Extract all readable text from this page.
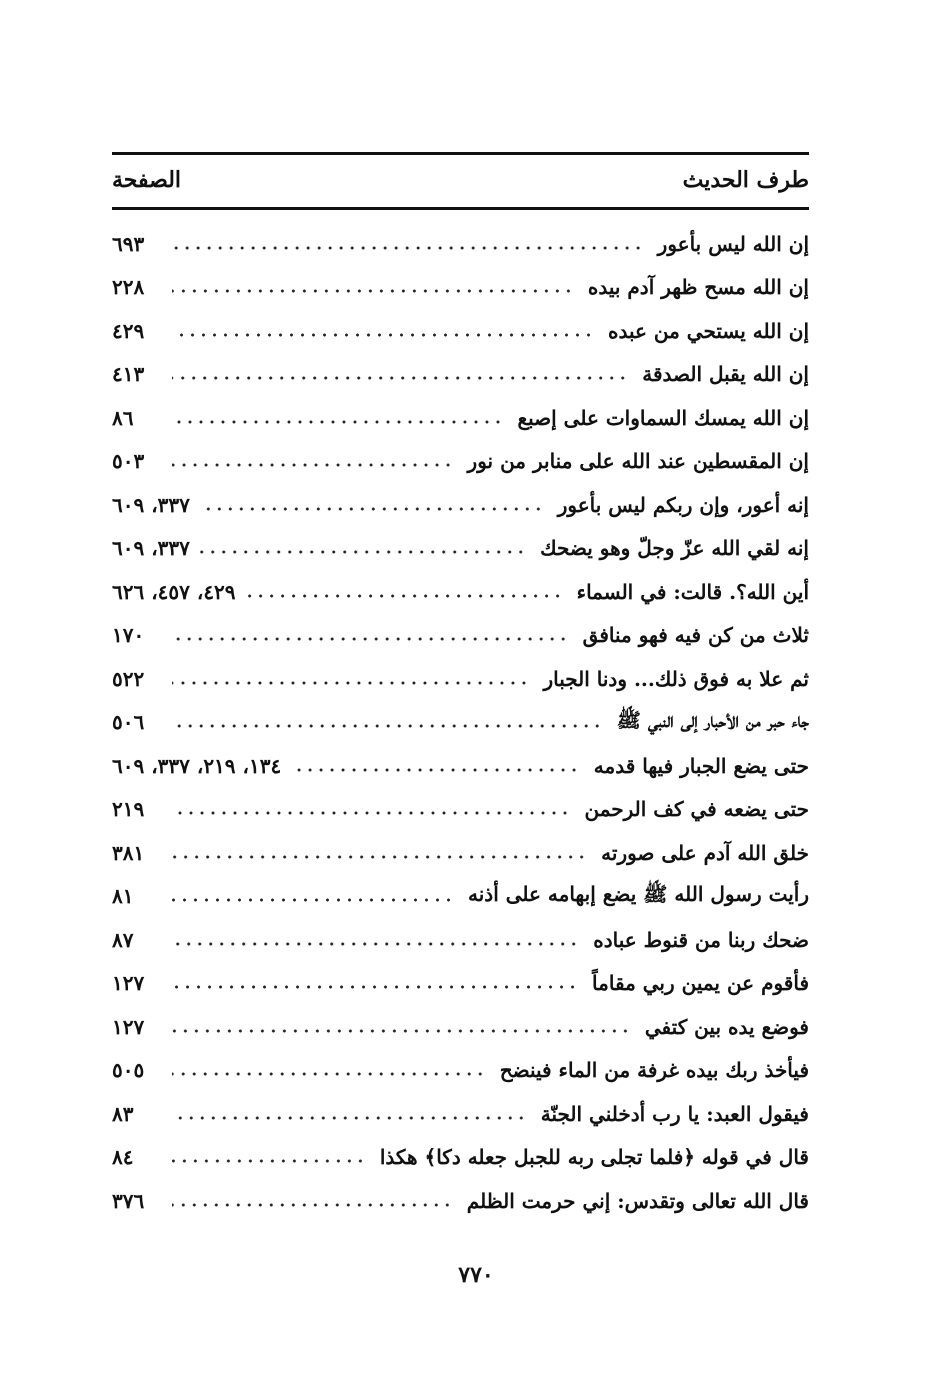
طرف الحديث
الصفحة
إن الله ليس بأعور
٦٩٣
إن الله مسح ظهر آدم بيده
٢٢٨
إن الله يستحي من عبده
٤٢٩
إن الله يقبل الصدقة
٤١٣
إن الله يمسك السماوات على إصبع
٨٦
إن المقسطين عند الله على منابر من نور
٥٠٣
إنه أعور، وإن ربكم ليس بأعور
٣٣٧، ٦٠٩
إنه لقي الله عزّ وجلّ وهو يضحك
٣٣٧، ٦٠٩
أين الله؟. قالت: في السماء
٤٢٩، ٤٥٧، ٦٢٦
ثلاث من كن فيه فهو منافق
١٧٠
ثم علا به فوق ذلك... ودنا الجبار
٥٢٢
جاء حبر من الأحبار إلى النبي ﷺ
٥٠٦
حتى يضع الجبار فيها قدمه
١٣٤، ٢١٩، ٣٣٧، ٦٠٩
حتى يضعه في كف الرحمن
٢١٩
خلق الله آدم على صورته
٣٨١
رأيت رسول الله ﷺ يضع إبهامه على أذنه
٨١
ضحك ربنا من قنوط عباده
٨٧
فأقوم عن يمين ربي مقاماً
١٢٧
فوضع يده بين كتفي
١٢٧
فيأخذ ربك بيده غرفة من الماء فينضح
٥٠٥
فيقول العبد: يا رب أدخلني الجنّة
٨٣
قال في قوله ﴿فلما تجلى ربه للجبل جعله دكا﴾ هكذا
٨٤
قال الله تعالى وتقدس: إني حرمت الظلم
٣٧٦
٧٧٠
